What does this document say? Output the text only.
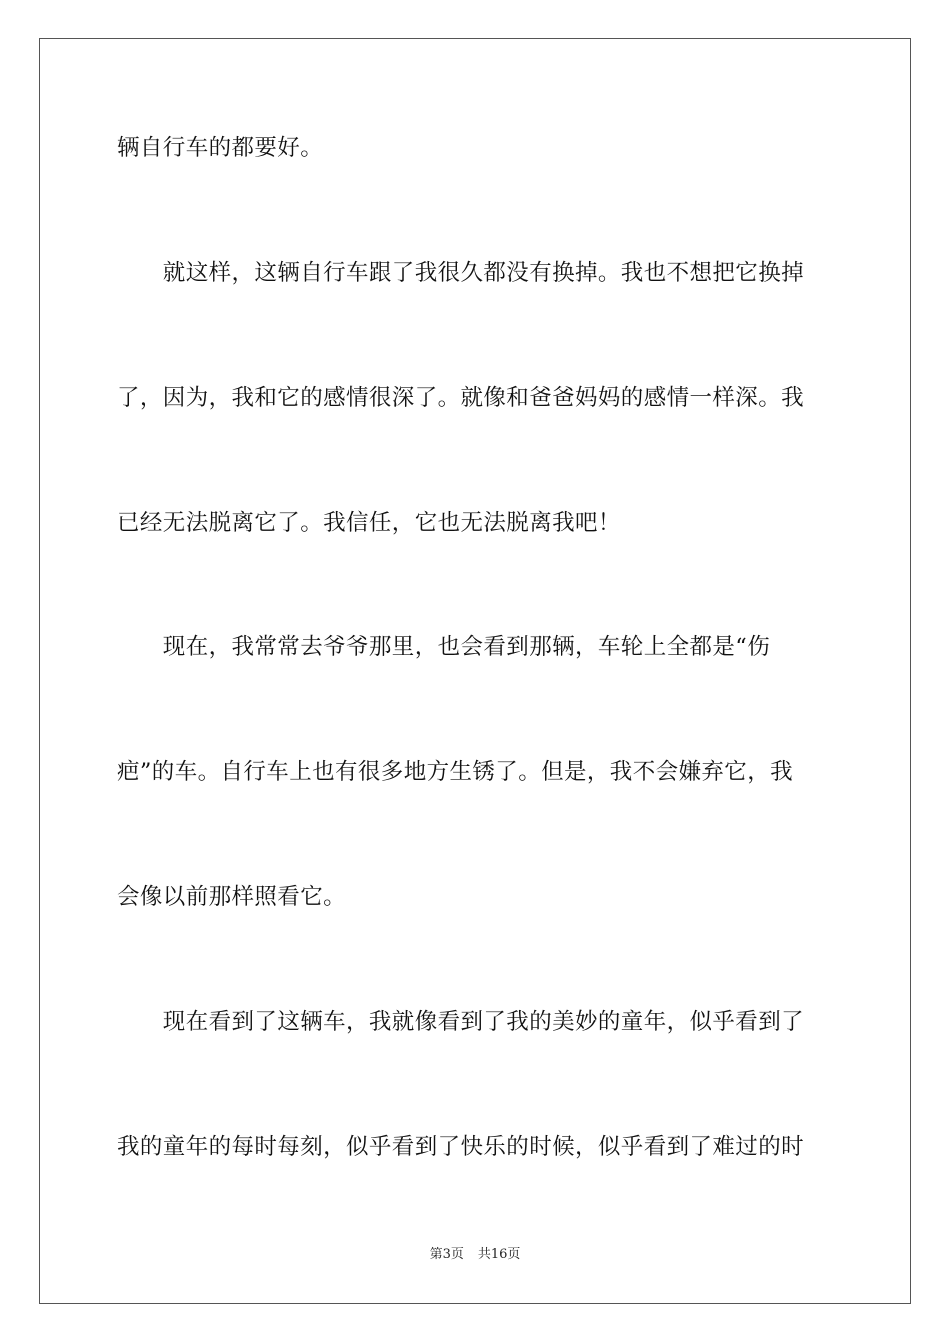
辆自行车的都要好。
　　就这样，这辆自行车跟了我很久都没有换掉。我也不想把它换掉
了，因为，我和它的感情很深了。就像和爸爸妈妈的感情一样深。我
已经无法脱离它了。我信任，它也无法脱离我吧！
　　现在，我常常去爷爷那里，也会看到那辆，车轮上全都是“伤
疤”的车。自行车上也有很多地方生锈了。但是，我不会嫌弃它，我
会像以前那样照看它。
　　现在看到了这辆车，我就像看到了我的美妙的童年，似乎看到了
我的童年的每时每刻，似乎看到了快乐的时候，似乎看到了难过的时
第3页 共16页
